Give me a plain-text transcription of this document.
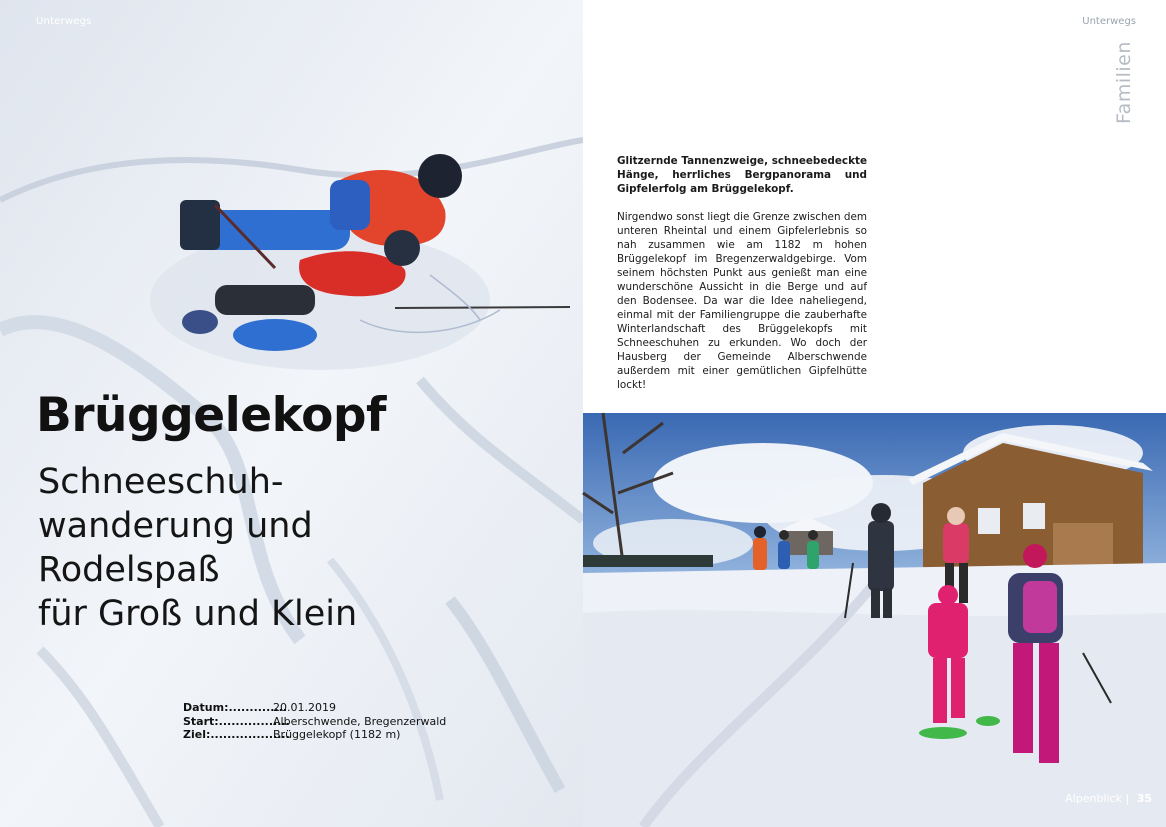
Unterwegs
Brüggelekopf
Schneeschuh-
wanderung und
Rodelspaß
für Groß und Klein
Datum:..............
20.01.2019
Start:.................
Alberschwende, Bregenzerwald
Ziel:...................
Brüggelekopf (1182 m)
Unterwegs
Familien

Glitzernde Tannenzweige, schneebedeckte Hänge, herrliches Bergpanorama und Gipfelerfolg am Brüggelekopf.

Nirgendwo sonst liegt die Grenze zwischen dem unteren Rheintal und einem Gipfelerlebnis so nah zusammen wie am 1182 m hohen Brüggelekopf im Bregenzerwaldgebirge. Vom seinem höchsten Punkt aus genießt man eine wunderschöne Aussicht in die Berge und auf den Bodensee. Da war die Idee naheliegend, einmal mit der Familiengruppe die zauberhafte Winterlandschaft des Brüggelekopfs mit Schneeschuhen zu erkunden. Wo doch der Hausberg der Gemeinde Alberschwende außerdem mit einer gemütlichen Gipfelhütte lockt!

Alpenblick | 35
